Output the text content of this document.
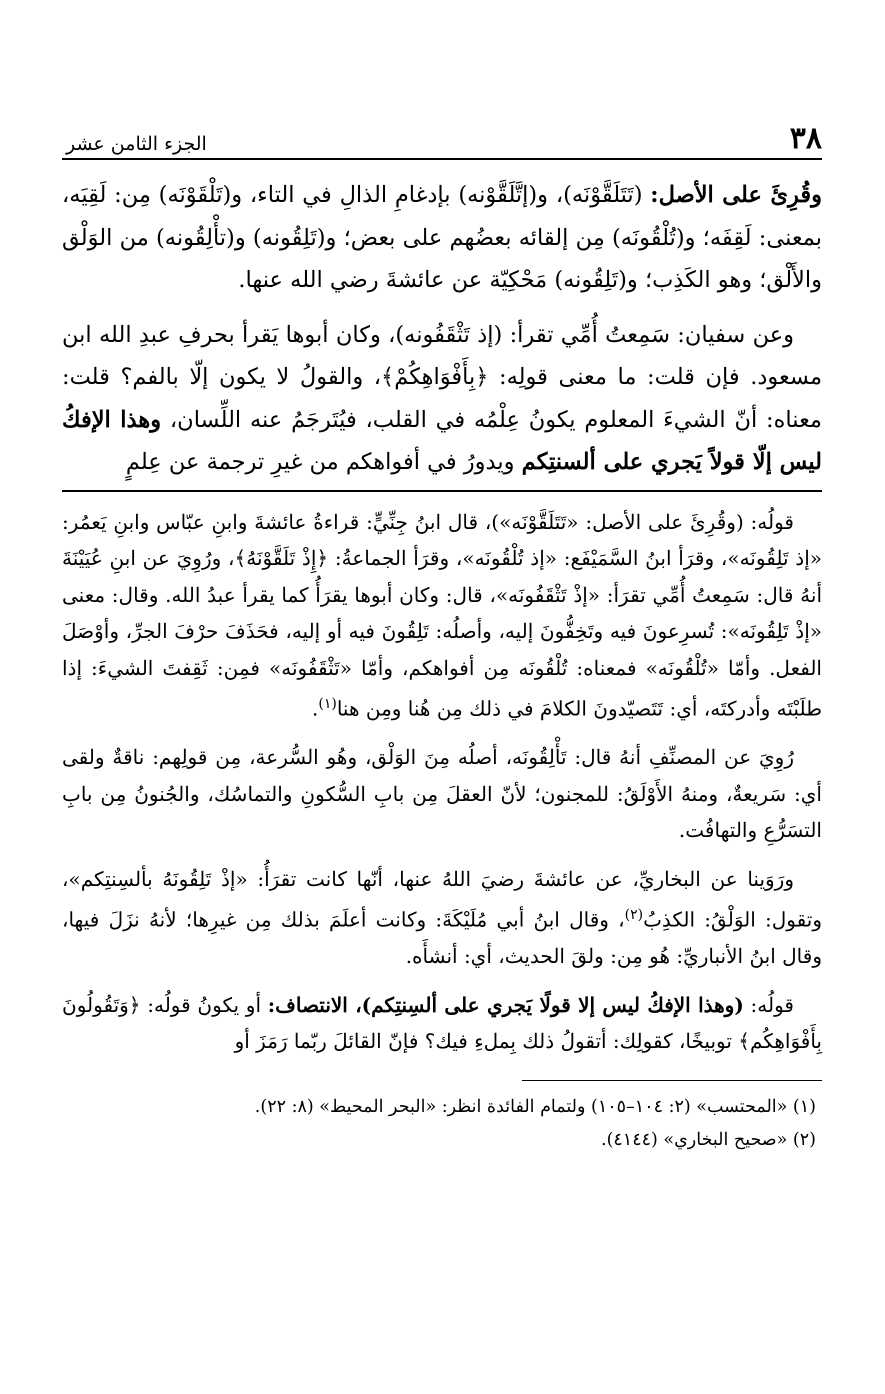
٣٨
الجزء الثامن عشر

وقُرِئَ على الأصل: (تَتَلَقَّوْنَه)، و(إتَّلَقَّوْنه) بإدغامِ الذالِ في التاء، و(تَلْقَوْنَه) مِن: لَقِيَه، بمعنى: لَقِفَه؛ و(تُلْقُونَه) مِن إلقائه بعضُهم على بعض؛ و(تَلِقُونه) و(تأْلِقُونه) من الوَلْق والأَلْق؛ وهو الكَذِب؛ و(تَلِقُونه) مَحْكِيّة عن عائشةَ رضي الله عنها.

وعن سفيان: سَمِعتُ أُمِّي تقرأ: (إذ تَثْقَفُونه)، وكان أبوها يَقرأ بحرفِ عبدِ الله ابن مسعود. فإن قلت: ما معنى قولِه: ﴿بِأَفْوَاهِكُمْ﴾، والقولُ لا يكون إلّا بالفم؟ قلت: معناه: أنّ الشيءَ المعلوم يكونُ عِلْمُه في القلب، فيُتَرجَمُ عنه اللِّسان، وهذا الإفكُ ليس إلّا قولاً يَجري على ألسنتِكم ويدورُ في أفواهكم من غيرِ ترجمة عن عِلمٍ

قولُه: (وقُرِئَ على الأصل: «تَتَلَقَّوْنَه»)، قال ابنُ جِنِّيٍّ: قراءةُ عائشةَ وابنِ عبّاس وابنِ يَعمُر: «إذ تَلِقُونَه»، وقرَأ ابنُ السَّمَيْفَع: «إذ تُلْقُونَه»، وقرَأ الجماعةُ: ﴿إِذْ تَلَقَّوْنَهُ﴾، ورُوِيَ عن ابنِ عُيَيْنَةَ أنهُ قال: سَمِعتُ أُمِّي تقرَأ: «إذْ تَثْقَفُونَه»، قال: وكان أبوها يقرَأُ كما يقرأ عبدُ الله. وقال: معنى «إذْ تَلِقُونَه»: تُسرِعونَ فيه وتَخِفُّونَ إليه، وأصلُه: تَلِقُونَ فيه أو إليه، فحَذَفَ حرْفَ الجرِّ، وأوْصَلَ الفعل. وأمّا «تُلْقُونَه» فمعناه: تُلْقُونَه مِن أفواهكم، وأمّا «تَثْقَفُونَه» فمِن: ثَقِفتَ الشيءَ: إذا طلَبْتَه وأدركتَه، أي: تَتَصيّدونَ الكلامَ في ذلك مِن هُنا ومِن هنا$^{(١)}$.

رُوِيَ عن المصنِّفِ أنهُ قال: تَأْلِقُونَه، أصلُه مِنَ الوَلْق، وهُو السُّرعة، مِن قولِهم: ناقةٌ ولقى أي: سَريعةٌ، ومنهُ الأَوْلَقُ: للمجنون؛ لأنّ العقلَ مِن بابِ السُّكونِ والتماسُك، والجُنونُ مِن بابِ التسَرُّعِ والتهافُت.

ورَوَينا عن البخاريِّ، عن عائشةَ رضيَ اللهُ عنها، أنّها كانت تقرَأُ: «إذْ تَلِقُونَهُ بألسِنتِكم»، وتقول: الوَلْقُ: الكذِبُ$^{(٢)}$، وقال ابنُ أبي مُلَيْكَةَ: وكانت أعلَمَ بذلك مِن غيرِها؛ لأنهُ نزَلَ فيها، وقال ابنُ الأنباريِّ: هُو مِن: ولقَ الحديث، أي: أنشأَه.

قولُه: (وهذا الإفكُ ليس إلا قولًا يَجري على ألسِنتِكم)، الانتصاف: أو يكونُ قولُه: ﴿وَتَقُولُونَ بِأَفْوَاهِكُم﴾ توبيخًا، كقولِك: أتقولُ ذلك بِملءِ فيك؟ فإنّ القائلَ ربّما رَمَزَ أو

(١) «المحتسب» (٢: ١٠٤–١٠٥) ولتمام الفائدة انظر: «البحر المحيط» (٨: ٢٢).

(٢) «صحيح البخاري» (٤١٤٤).
